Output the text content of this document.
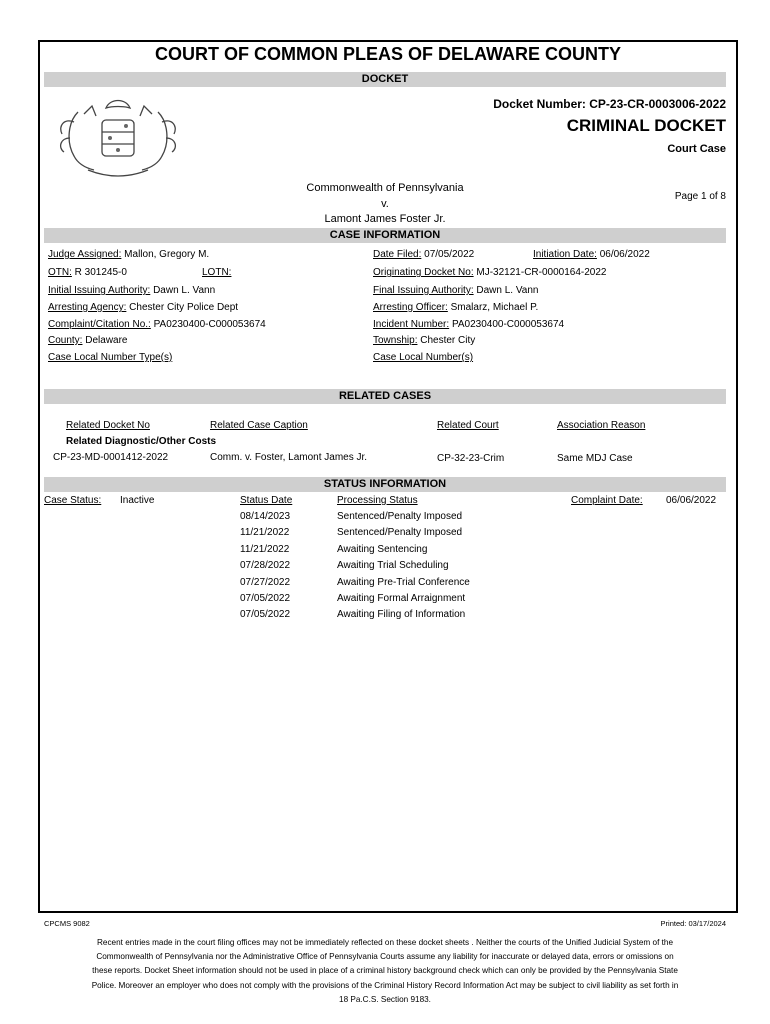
COURT OF COMMON PLEAS OF DELAWARE COUNTY
DOCKET
Docket Number: CP-23-CR-0003006-2022
CRIMINAL DOCKET
Court Case
Commonwealth of Pennsylvania
v.
Lamont James Foster Jr.
Page 1 of 8
CASE INFORMATION
Judge Assigned: Mallon, Gregory M.	Date Filed: 07/05/2022	Initiation Date: 06/06/2022
OTN: R 301245-0	LOTN:	Originating Docket No: MJ-32121-CR-0000164-2022
Initial Issuing Authority: Dawn L. Vann	Final Issuing Authority: Dawn L. Vann
Arresting Agency: Chester City Police Dept	Arresting Officer: Smalarz, Michael P.
Complaint/Citation No.: PA0230400-C000053674	Incident Number: PA0230400-C000053674
County: Delaware	Township: Chester City
Case Local Number Type(s)	Case Local Number(s)
RELATED CASES
Related Docket No	Related Case Caption	Related Court	Association Reason
Related Diagnostic/Other Costs
CP-23-MD-0001412-2022	Comm. v. Foster, Lamont James Jr.	CP-32-23-Crim	Same MDJ Case
STATUS INFORMATION
Case Status: Inactive	Status Date	Processing Status	Complaint Date: 06/06/2022
08/14/2023	Sentenced/Penalty Imposed
11/21/2022	Sentenced/Penalty Imposed
11/21/2022	Awaiting Sentencing
07/28/2022	Awaiting Trial Scheduling
07/27/2022	Awaiting Pre-Trial Conference
07/05/2022	Awaiting Formal Arraignment
07/05/2022	Awaiting Filing of Information
CPCMS 9082	Printed: 03/17/2024
Recent entries made in the court filing offices may not be immediately reflected on these docket sheets . Neither the courts of the Unified Judicial System of the Commonwealth of Pennsylvania nor the Administrative Office of Pennsylvania Courts assume any liability for inaccurate or delayed data, errors or omissions on these reports. Docket Sheet information should not be used in place of a criminal history background check which can only be provided by the Pennsylvania State Police. Moreover an employer who does not comply with the provisions of the Criminal History Record Information Act may be subject to civil liability as set forth in 18 Pa.C.S. Section 9183.
